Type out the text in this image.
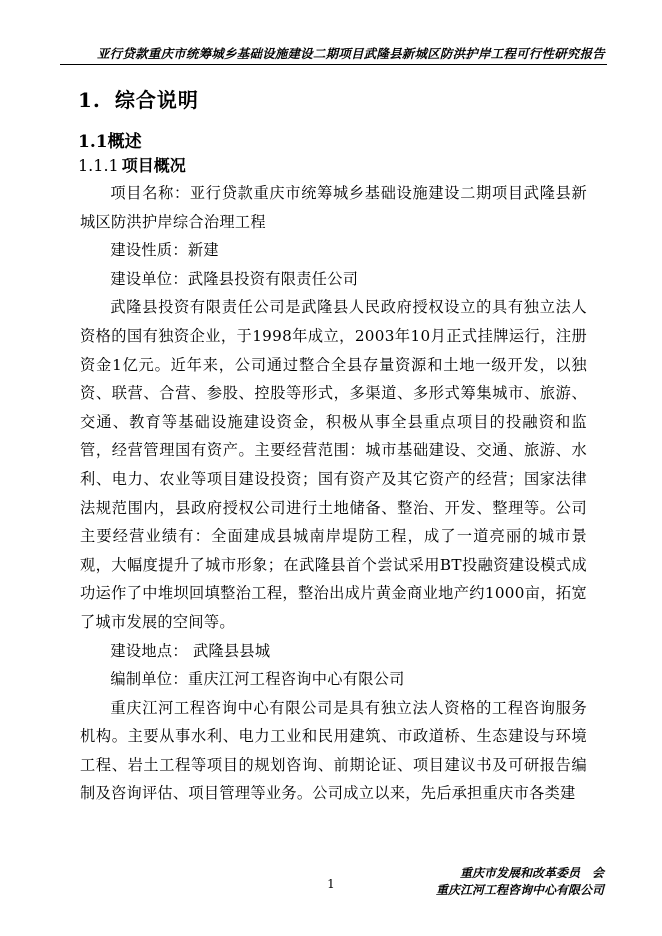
亚行贷款重庆市统筹城乡基础设施建设二期项目武隆县新城区防洪护岸工程可行性研究报告
1. 综合说明
1.1概述
1.1.1 项目概况

项目名称：亚行贷款重庆市统筹城乡基础设施建设二期项目武隆县新城区防洪护岸综合治理工程

建设性质：新建

建设单位：武隆县投资有限责任公司

武隆县投资有限责任公司是武隆县人民政府授权设立的具有独立法人资格的国有独资企业，于1998年成立，2003年10月正式挂牌运行，注册资金1亿元。近年来，公司通过整合全县存量资源和土地一级开发，以独资、联营、合营、参股、控股等形式，多渠道、多形式筹集城市、旅游、交通、教育等基础设施建设资金，积极从事全县重点项目的投融资和监管，经营管理国有资产。主要经营范围：城市基础建设、交通、旅游、水利、电力、农业等项目建设投资；国有资产及其它资产的经营；国家法律法规范围内，县政府授权公司进行土地储备、整治、开发、整理等。公司主要经营业绩有：全面建成县城南岸堤防工程，成了一道亮丽的城市景观，大幅度提升了城市形象；在武隆县首个尝试采用BT投融资建设模式成功运作了中堆坝回填整治工程，整治出成片黄金商业地产约1000亩，拓宽了城市发展的空间等。

建设地点： 武隆县县城

编制单位：重庆江河工程咨询中心有限公司

重庆江河工程咨询中心有限公司是具有独立法人资格的工程咨询服务机构。主要从事水利、电力工业和民用建筑、市政道桥、生态建设与环境工程、岩土工程等项目的规划咨询、前期论证、项目建议书及可研报告编制及咨询评估、项目管理等业务。公司成立以来，先后承担重庆市各类建

1
重庆市发展和改革委员　会
重庆江河工程咨询中心有限公司
